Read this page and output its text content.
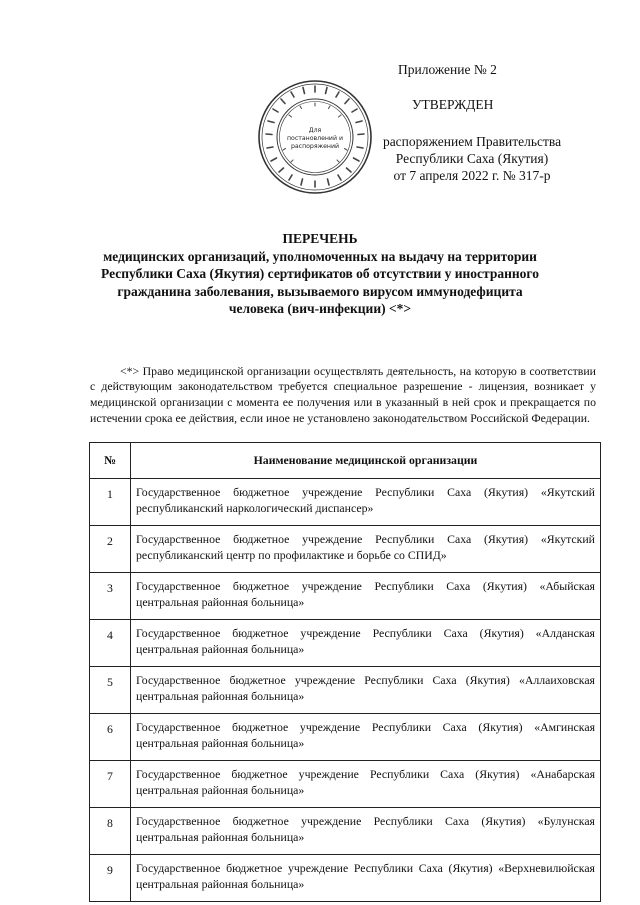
Приложение № 2
УТВЕРЖДЕН
распоряжением Правительства
Республики Саха (Якутия)
от 7 апреля 2022 г. № 317-р
Для
постановлений и
распоряжений
ПЕРЕЧЕНЬ
медицинских организаций, уполномоченных на выдачу на территории
Республики Саха (Якутия) сертификатов об отсутствии у иностранного
гражданина заболевания, вызываемого вирусом иммунодефицита
человека (вич-инфекции) <*>

<*> Право медицинской организации осуществлять деятельность, на которую в соответствии с действующим законодательством требуется специальное разрешение - лицензия, возникает у медицинской организации с момента ее получения или в указанный в ней срок и прекращается по истечении срока ее действия, если иное не установлено законодательством Российской Федерации.

№	Наименование медицинской организации
1	Государственное бюджетное учреждение Республики Саха (Якутия) «Якутский республиканский наркологический диспансер»
2	Государственное бюджетное учреждение Республики Саха (Якутия) «Якутский республиканский центр по профилактике и борьбе со СПИД»
3	Государственное бюджетное учреждение Республики Саха (Якутия) «Абыйская центральная районная больница»
4	Государственное бюджетное учреждение Республики Саха (Якутия) «Алданская центральная районная больница»
5	Государственное бюджетное учреждение Республики Саха (Якутия) «Аллаиховская центральная районная больница»
6	Государственное бюджетное учреждение Республики Саха (Якутия) «Амгинская центральная районная больница»
7	Государственное бюджетное учреждение Республики Саха (Якутия) «Анабарская центральная районная больница»
8	Государственное бюджетное учреждение Республики Саха (Якутия) «Булунская центральная районная больница»
9	Государственное бюджетное учреждение Республики Саха (Якутия) «Верхневилюйская центральная районная больница»
